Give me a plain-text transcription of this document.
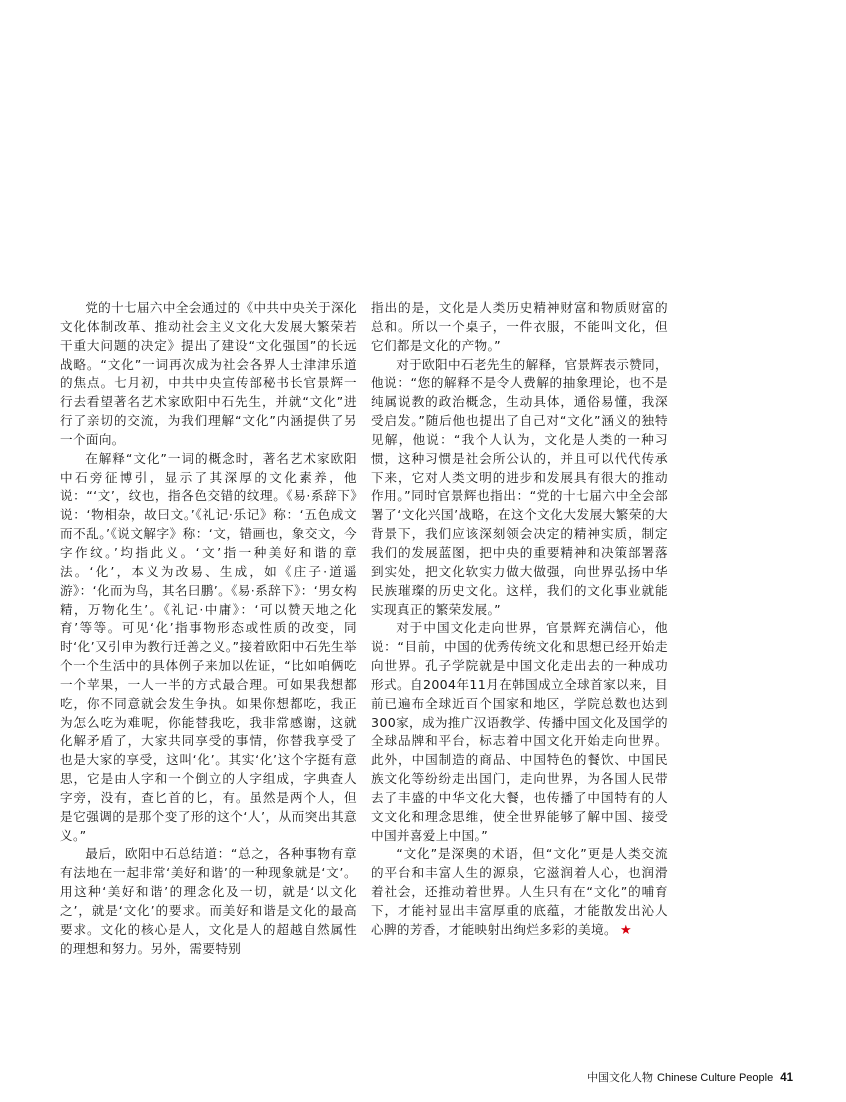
党的十七届六中全会通过的《中共中央关于深化文化体制改革、推动社会主义文化大发展大繁荣若干重大问题的决定》提出了建设“文化强国”的长远战略。“文化”一词再次成为社会各界人士津津乐道的焦点。七月初，中共中央宣传部秘书长官景辉一行去看望著名艺术家欧阳中石先生，并就“文化”进行了亲切的交流，为我们理解“文化”内涵提供了另一个面向。

在解释“文化”一词的概念时，著名艺术家欧阳中石旁征博引，显示了其深厚的文化素养，他说：“‘文’，纹也，指各色交错的纹理。《易·系辞下》说：‘物相杂，故曰文。’《礼记·乐记》称：‘五色成文而不乱。’《说文解字》称：‘文，错画也，象交文，今字作纹。’均指此义。‘文’指一种美好和谐的章法。‘化’，本义为改易、生成，如《庄子·道遥游》：‘化而为鸟，其名曰鹏’。《易·系辞下》：‘男女构精，万物化生’。《礼记·中庸》：‘可以赞天地之化育’等等。可见‘化’指事物形态或性质的改变，同时‘化’又引申为教行迁善之义。”接着欧阳中石先生举个一个生活中的具体例子来加以佐证，“比如咱俩吃一个苹果，一人一半的方式最合理。可如果我想都吃，你不同意就会发生争执。如果你想都吃，我正为怎么吃为难呢，你能替我吃，我非常感谢，这就化解矛盾了，大家共同享受的事情，你替我享受了也是大家的享受，这叫‘化’。其实‘化’这个字挺有意思，它是由人字和一个倒立的人字组成，字典查人字旁，没有，查匕首的匕，有。虽然是两个人，但是它强调的是那个变了形的这个‘人’，从而突出其意义。”

最后，欧阳中石总结道：“总之，各种事物有章有法地在一起非常‘美好和谐’的一种现象就是‘文’。用这种‘美好和谐’的理念化及一切，就是‘以文化之’，就是‘文化’的要求。而美好和谐是文化的最高要求。文化的核心是人，文化是人的超越自然属性的理想和努力。另外，需要特别

指出的是，文化是人类历史精神财富和物质财富的总和。所以一个桌子，一件衣服，不能叫文化，但它们都是文化的产物。”

对于欧阳中石老先生的解释，官景辉表示赞同，他说：“您的解释不是令人费解的抽象理论，也不是纯属说教的政治概念，生动具体，通俗易懂，我深受启发。”随后他也提出了自己对“文化”涵义的独特见解，他说：“我个人认为，文化是人类的一种习惯，这种习惯是社会所公认的，并且可以代代传承下来，它对人类文明的进步和发展具有很大的推动作用。”同时官景辉也指出：“党的十七届六中全会部署了‘文化兴国’战略，在这个文化大发展大繁荣的大背景下，我们应该深刻领会决定的精神实质，制定我们的发展蓝图，把中央的重要精神和决策部署落到实处，把文化软实力做大做强，向世界弘扬中华民族璀璨的历史文化。这样，我们的文化事业就能实现真正的繁荣发展。”

对于中国文化走向世界，官景辉充满信心，他说：“目前，中国的优秀传统文化和思想已经开始走向世界。孔子学院就是中国文化走出去的一种成功形式。自2004年11月在韩国成立全球首家以来，目前已遍布全球近百个国家和地区，学院总数也达到300家，成为推广汉语教学、传播中国文化及国学的全球品牌和平台，标志着中国文化开始走向世界。此外，中国制造的商品、中国特色的餐饮、中国民族文化等纷纷走出国门，走向世界，为各国人民带去了丰盛的中华文化大餐，也传播了中国特有的人文文化和理念思维，使全世界能够了解中国、接受中国并喜爱上中国。”

“文化”是深奥的术语，但“文化”更是人类交流的平台和丰富人生的源泉，它滋润着人心，也润滑着社会，还推动着世界。人生只有在“文化”的哺育下，才能衬显出丰富厚重的底蕴，才能散发出沁人心脾的芳香，才能映射出绚烂多彩的美境。 ★

中国文化人物 Chinese Culture People 41
